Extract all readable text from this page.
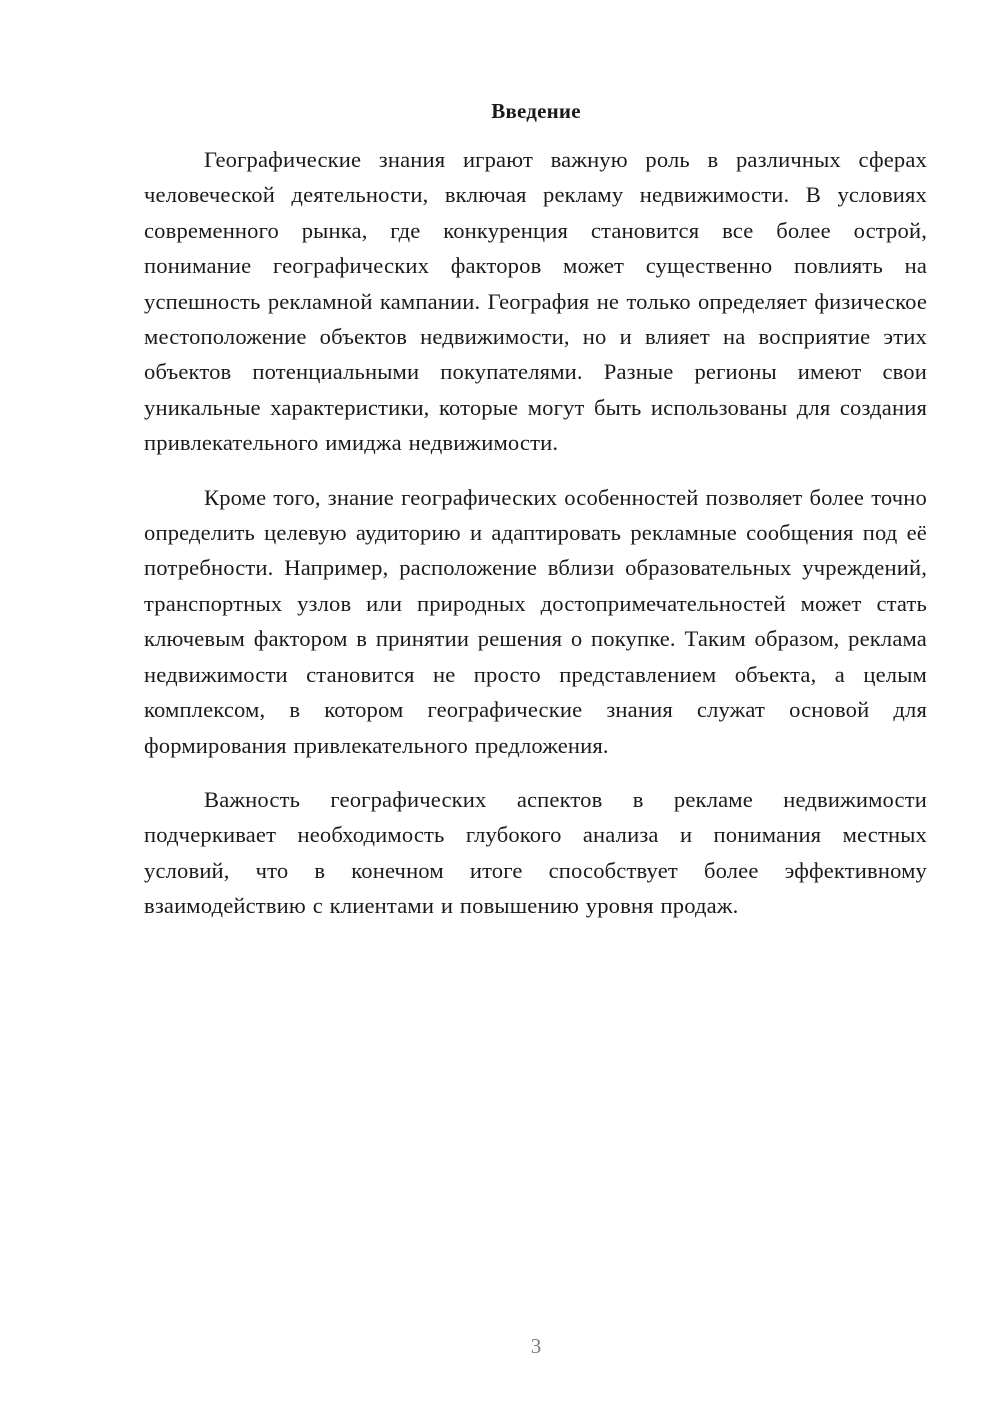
Введение

Географические знания играют важную роль в различных сферах человеческой деятельности, включая рекламу недвижимости. В условиях современного рынка, где конкуренция становится все более острой, понимание географических факторов может существенно повлиять на успешность рекламной кампании. География не только определяет физическое местоположение объектов недвижимости, но и влияет на восприятие этих объектов потенциальными покупателями. Разные регионы имеют свои уникальные характеристики, которые могут быть использованы для создания привлекательного имиджа недвижимости.

Кроме того, знание географических особенностей позволяет более точно определить целевую аудиторию и адаптировать рекламные сообщения под её потребности. Например, расположение вблизи образовательных учреждений, транспортных узлов или природных достопримечательностей может стать ключевым фактором в принятии решения о покупке. Таким образом, реклама недвижимости становится не просто представлением объекта, а целым комплексом, в котором географические знания служат основой для формирования привлекательного предложения.

Важность географических аспектов в рекламе недвижимости подчеркивает необходимость глубокого анализа и понимания местных условий, что в конечном итоге способствует более эффективному взаимодействию с клиентами и повышению уровня продаж.

3
